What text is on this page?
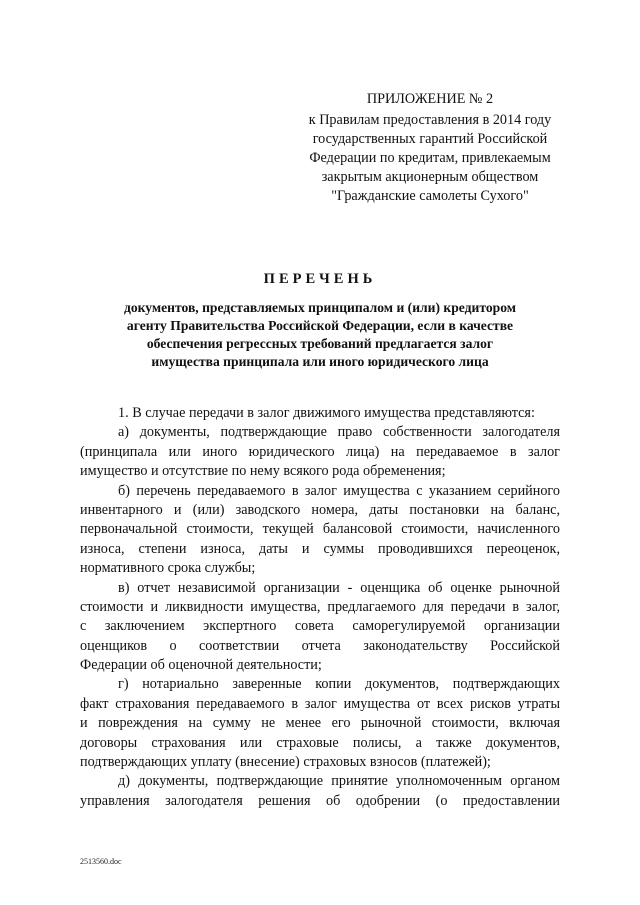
ПРИЛОЖЕНИЕ № 2
к Правилам предоставления в 2014 году
государственных гарантий Российской
Федерации по кредитам, привлекаемым
закрытым акционерным обществом
"Гражданские самолеты Сухого"
ПЕРЕЧЕНЬ
документов, представляемых принципалом и (или) кредитором
агенту Правительства Российской Федерации, если в качестве
обеспечения регрессных требований предлагается залог
имущества принципала или иного юридического лица
1. В случае передачи в залог движимого имущества представляются:
а) документы, подтверждающие право собственности залогодателя
(принципала или иного юридического лица) на передаваемое в залог
имущество и отсутствие по нему всякого рода обременения;
б) перечень передаваемого в залог имущества с указанием серийного
инвентарного и (или) заводского номера, даты постановки на баланс,
первоначальной стоимости, текущей балансовой стоимости, начисленного
износа, степени износа, даты и суммы проводившихся переоценок,
нормативного срока службы;
в) отчет независимой организации - оценщика об оценке рыночной
стоимости и ликвидности имущества, предлагаемого для передачи в залог,
с заключением экспертного совета саморегулируемой организации
оценщиков о соответствии отчета законодательству Российской
Федерации об оценочной деятельности;
г) нотариально заверенные копии документов, подтверждающих
факт страхования передаваемого в залог имущества от всех рисков утраты
и повреждения на сумму не менее его рыночной стоимости, включая
договоры страхования или страховые полисы, а также документов,
подтверждающих уплату (внесение) страховых взносов (платежей);
д) документы, подтверждающие принятие уполномоченным органом
управления залогодателя решения об одобрении (о предоставлении
2513560.doc
